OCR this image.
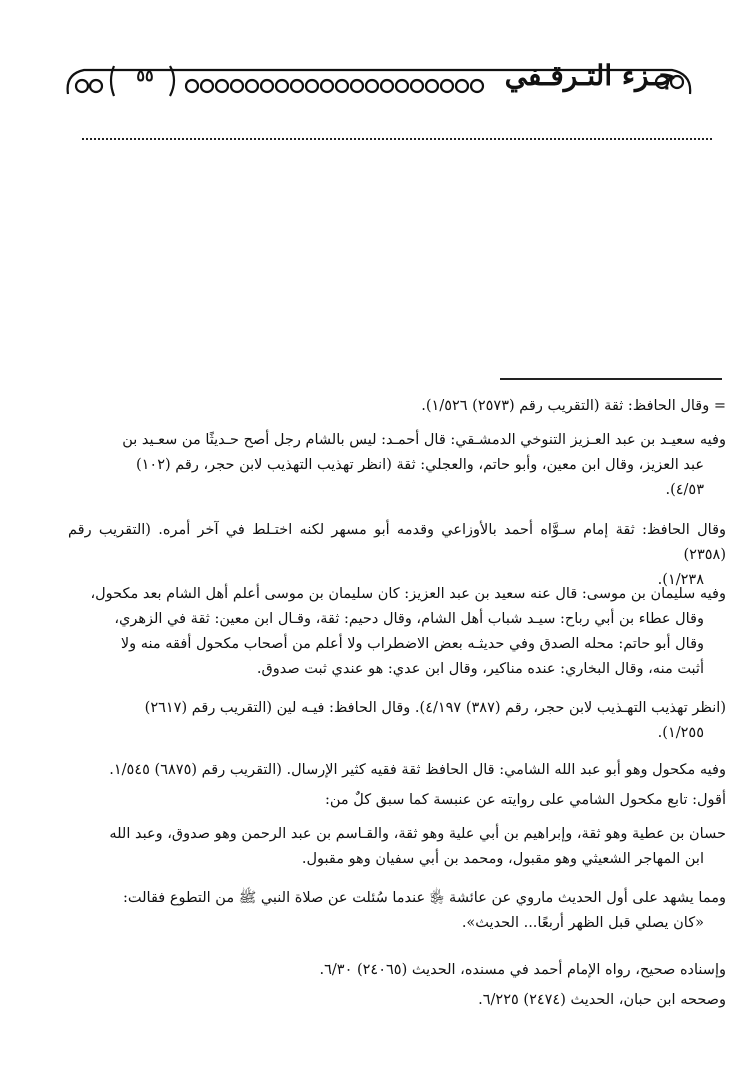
جـزء التـرقـفي
٥٥

= وقال الحافظ: ثقة (التقريب رقم (٢٥٧٣) ١/٥٢٦).

وفيه سعيـد بن عبد العـزيز التنوخي الدمشـقي: قال أحمـد: ليس بالشام رجل أصح حـديثًا من سعـيد بن

عبد العزيز، وقال ابن معين، وأبو حاتم، والعجلي: ثقة (انظر تهذيب التهذيب لابن حجر، رقم (١٠٢)

٤/٥٣).

وقال الحافظ: ثقة إمام سـوَّاه أحمد بالأوزاعي وقدمه أبو مسهر لكنه اختـلط في آخر أمره. (التقريب رقم (٢٣٥٨)

١/٢٣٨).

وفيه سليمان بن موسى: قال عنه سعيد بن عبد العزيز: كان سليمان بن موسى أعلم أهل الشام بعد مكحول،

وقال عطاء بن أبي رباح: سيـد شباب أهل الشام، وقال دحيم: ثقة، وقـال ابن معين: ثقة في الزهري،

وقال أبو حاتم: محله الصدق وفي حديثـه بعض الاضطراب ولا أعلم من أصحاب مكحول أفقه منه ولا

أثبت منه، وقال البخاري: عنده مناكير، وقال ابن عدي: هو عندي ثبت صدوق.

(انظر تهذيب التهـذيب لابن حجر، رقم (٣٨٧) ٤/١٩٧). وقال الحافظ: فيـه لين (التقريب رقم (٢٦١٧)

١/٢٥٥).

وفيه مكحول وهو أبو عبد الله الشامي: قال الحافظ ثقة فقيه كثير الإرسال. (التقريب رقم (٦٨٧٥) ١/٥٤٥.

أقول: تابع مكحول الشامي على روايته عن عنبسة كما سبق كلٌ من:

حسان بن عطية وهو ثقة، وإبراهيم بن أبي علية وهو ثقة، والقـاسم بن عبد الرحمن وهو صدوق، وعبد الله

ابن المهاجر الشعيثي وهو مقبول، ومحمد بن أبي سفيان وهو مقبول.

ومما يشهد على أول الحديث ماروي عن عائشة ﵂ عندما سُئلت عن صلاة النبي ﷺ من التطوع فقالت:

«كان يصلي قبل الظهر أربعًا... الحديث».

وإسناده صحيح، رواه الإمام أحمد في مسنده، الحديث (٢٤٠٦٥) ٦/٣٠.

وصححه ابن حبان، الحديث (٢٤٧٤) ٦/٢٢٥.
